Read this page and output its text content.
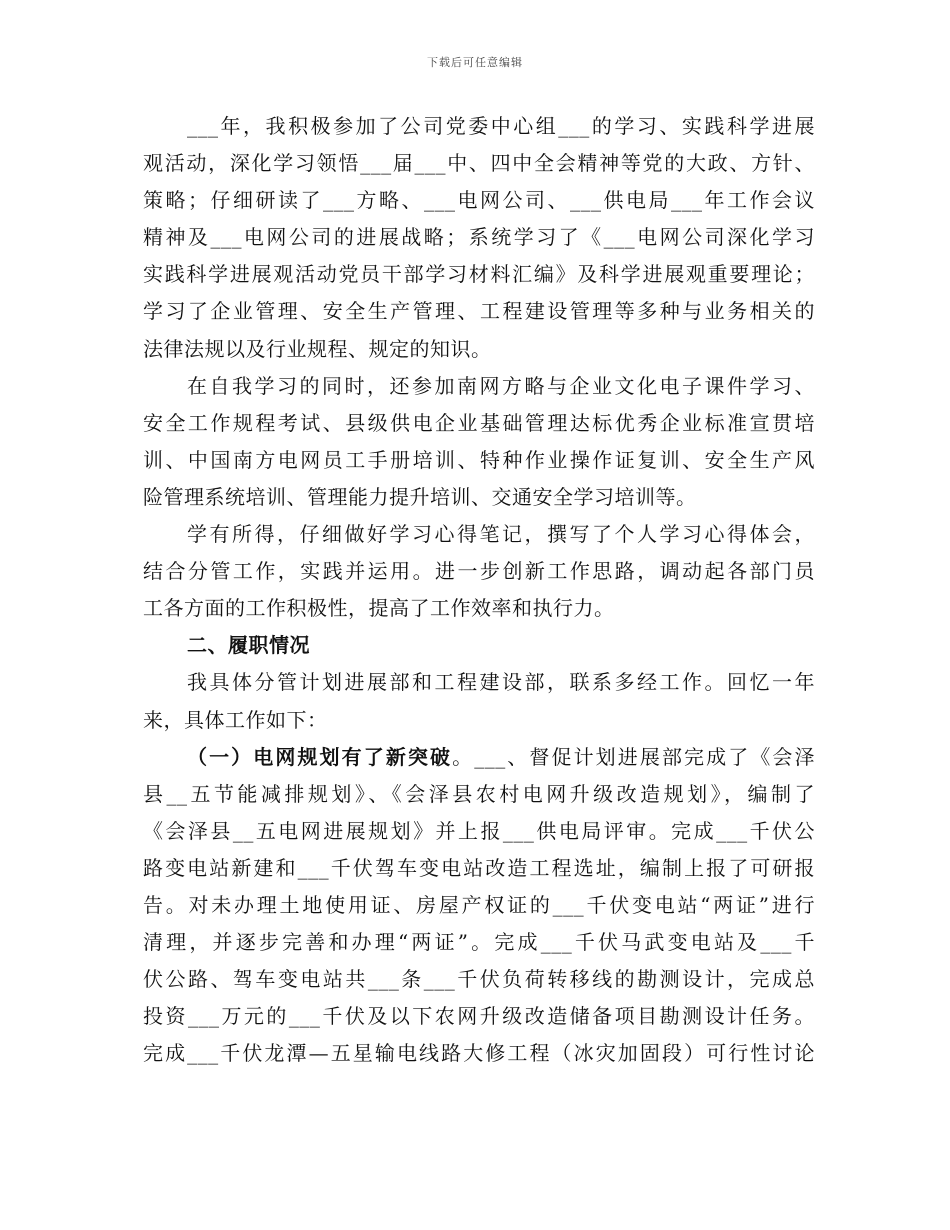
下载后可任意编辑
___年，我积极参加了公司党委中心组___的学习、实践科学进展
观活动，深化学习领悟___届___中、四中全会精神等党的大政、方针、
策略；仔细研读了___方略、___电网公司、___供电局___年工作会议
精神及___电网公司的进展战略；系统学习了《___电网公司深化学习
实践科学进展观活动党员干部学习材料汇编》及科学进展观重要理论；
学习了企业管理、安全生产管理、工程建设管理等多种与业务相关的
法律法规以及行业规程、规定的知识。
在自我学习的同时，还参加南网方略与企业文化电子课件学习、
安全工作规程考试、县级供电企业基础管理达标优秀企业标准宣贯培
训、中国南方电网员工手册培训、特种作业操作证复训、安全生产风
险管理系统培训、管理能力提升培训、交通安全学习培训等。
学有所得，仔细做好学习心得笔记，撰写了个人学习心得体会，
结合分管工作，实践并运用。进一步创新工作思路，调动起各部门员
工各方面的工作积极性，提高了工作效率和执行力。
二、履职情况
我具体分管计划进展部和工程建设部，联系多经工作。回忆一年
来，具体工作如下：
（一）电网规划有了新突破。___、督促计划进展部完成了《会泽
县__五节能减排规划》、《会泽县农村电网升级改造规划》，编制了
《会泽县__五电网进展规划》并上报___供电局评审。完成___千伏公
路变电站新建和___千伏驾车变电站改造工程选址，编制上报了可研报
告。对未办理土地使用证、房屋产权证的___千伏变电站“两证”进行
清理，并逐步完善和办理“两证”。完成___千伏马武变电站及___千
伏公路、驾车变电站共___条___千伏负荷转移线的勘测设计，完成总
投资___万元的___千伏及以下农网升级改造储备项目勘测设计任务。
完成___千伏龙潭—五星输电线路大修工程（冰灾加固段）可行性讨论
